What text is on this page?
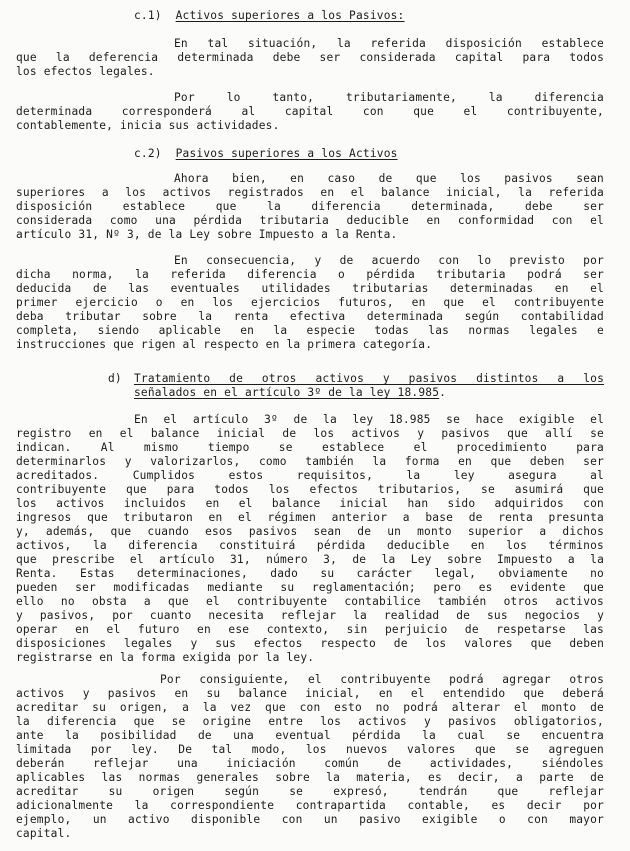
c.1) Activos superiores a los Pasivos:
En tal situación, la referida disposición establece
que la deferencia determinada debe ser considerada capital para todos
los efectos legales.
Por lo tanto, tributariamente, la diferencia
determinada corresponderá al capital con que el contribuyente,
contablemente, inicia sus actividades.
c.2) Pasivos superiores a los Activos
Ahora bien, en caso de que los pasivos sean
superiores a los activos registrados en el balance inicial, la referida
disposición establece que la diferencia determinada, debe ser
considerada como una pérdida tributaria deducible en conformidad con el
artículo 31, Nº 3, de la Ley sobre Impuesto a la Renta.
En consecuencia, y de acuerdo con lo previsto por
dicha norma, la referida diferencia o pérdida tributaria podrá ser
deducida de las eventuales utilidades tributarias determinadas en el
primer ejercicio o en los ejercicios futuros, en que el contribuyente
deba tributar sobre la renta efectiva determinada según contabilidad
completa, siendo aplicable en la especie todas las normas legales e
instrucciones que rigen al respecto en la primera categoría.
d) Tratamiento de otros activos y pasivos distintos a los
señalados en el artículo 3º de la ley 18.985.
En el artículo 3º de la ley 18.985 se hace exigible el
registro en el balance inicial de los activos y pasivos que allí se
indican. Al mismo tiempo se establece el procedimiento para
determinarlos y valorizarlos, como también la forma en que deben ser
acreditados. Cumplidos estos requisitos, la ley asegura al
contribuyente que para todos los efectos tributarios, se asumirá que
los activos incluidos en el balance inicial han sido adquiridos con
ingresos que tributaron en el régimen anterior a base de renta presunta
y, además, que cuando esos pasivos sean de un monto superior a dichos
activos, la diferencia constituirá pérdida deducible en los términos
que prescribe el artículo 31, número 3, de la Ley sobre Impuesto a la
Renta. Estas determinaciones, dado su carácter legal, obviamente no
pueden ser modificadas mediante su reglamentación; pero es evidente que
ello no obsta a que el contribuyente contabilice también otros activos
y pasivos, por cuanto necesita reflejar la realidad de sus negocios y
operar en el futuro en ese contexto, sin perjuicio de respetarse las
disposiciones legales y sus efectos respecto de los valores que deben
registrarse en la forma exigida por la ley.
Por consiguiente, el contribuyente podrá agregar otros
activos y pasivos en su balance inicial, en el entendido que deberá
acreditar su origen, a la vez que con esto no podrá alterar el monto de
la diferencia que se origine entre los activos y pasivos obligatorios,
ante la posibilidad de una eventual pérdida la cual se encuentra
limitada por ley. De tal modo, los nuevos valores que se agreguen
deberán reflejar una iniciación común de actividades, siéndoles
aplicables las normas generales sobre la materia, es decir, a parte de
acreditar su origen según se expresó, tendrán que reflejar
adicionalmente la correspondiente contrapartida contable, es decir por
ejemplo, un activo disponible con un pasivo exigible o con mayor
capital.
